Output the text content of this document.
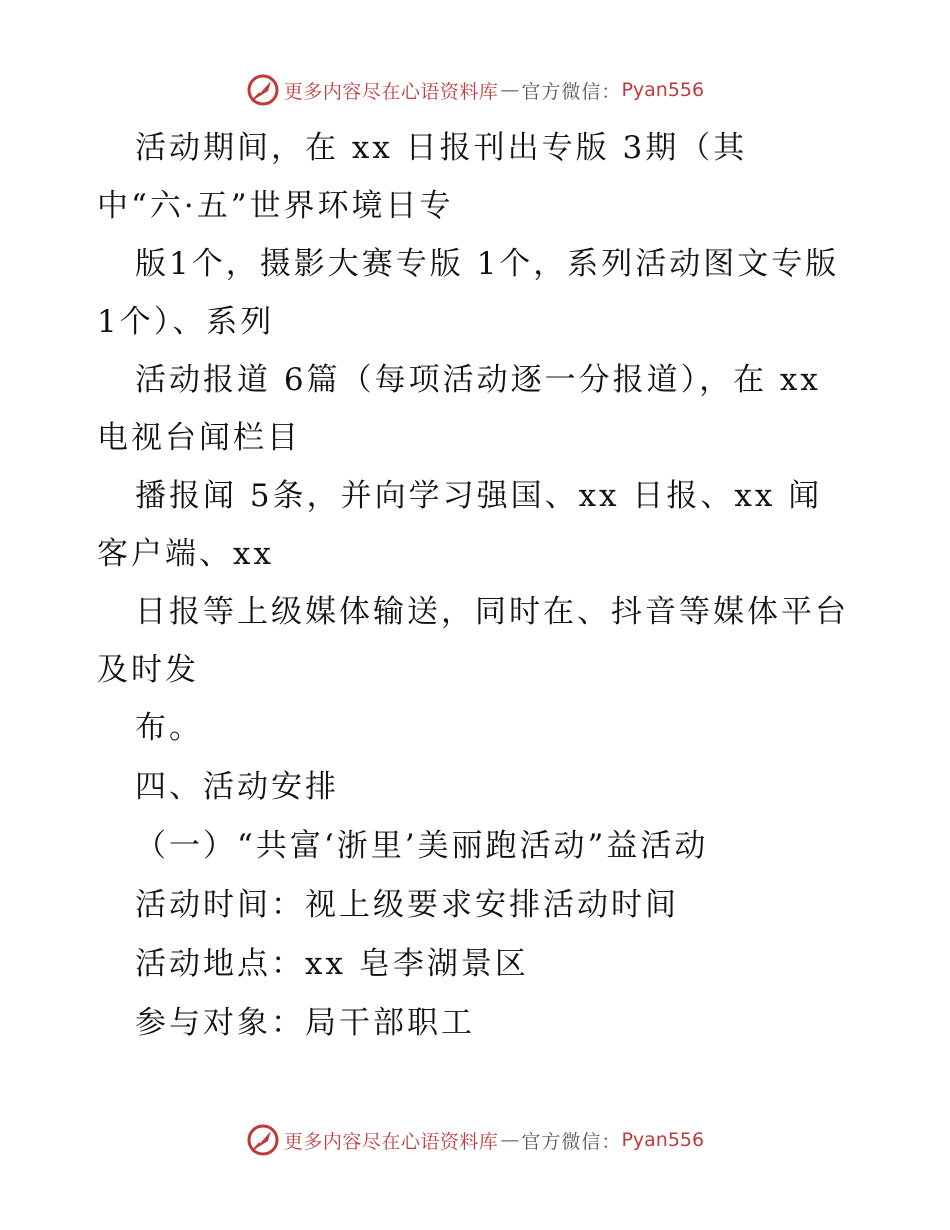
更多内容尽在心语资料库 — 官方微信： Pyan556
活动期间，在 xx 日报刊出专版 3期（其
中“六·五”世界环境日专
版1个，摄影大赛专版 1个，系列活动图文专版
1个）、系列
活动报道 6篇（每项活动逐一分报道），在 xx
电视台闻栏目
播报闻 5条，并向学习强国、xx 日报、xx 闻
客户端、xx
日报等上级媒体输送，同时在、抖音等媒体平台
及时发
布。
四、活动安排
（一）“共富‘浙里’美丽跑活动”益活动
活动时间：视上级要求安排活动时间
活动地点：xx 皂李湖景区
参与对象：局干部职工
更多内容尽在心语资料库 — 官方微信： Pyan556
